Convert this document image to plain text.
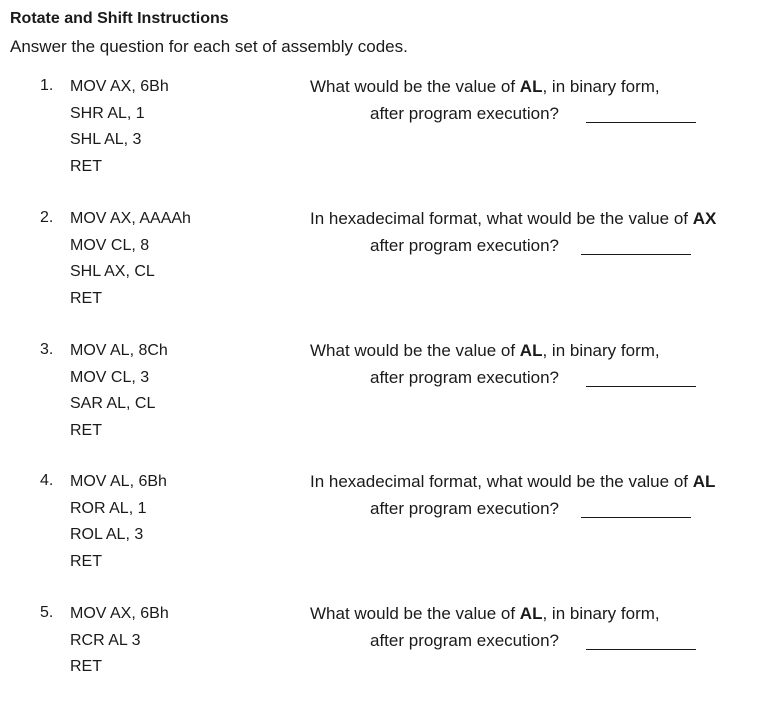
Rotate and Shift Instructions
Answer the question for each set of assembly codes.
1. MOV AX, 6Bh
SHR AL, 1
SHL AL, 3
RET
What would be the value of AL, in binary form,
after program execution?
2. MOV AX, AAAAh
MOV CL, 8
SHL AX, CL
RET
In hexadecimal format, what would be the value of AX
after program execution?
3. MOV AL, 8Ch
MOV CL, 3
SAR AL, CL
RET
What would be the value of AL, in binary form,
after program execution?
4. MOV AL, 6Bh
ROR AL, 1
ROL AL, 3
RET
In hexadecimal format, what would be the value of AL
after program execution?
5. MOV AX, 6Bh
RCR AL 3
RET
What would be the value of AL, in binary form,
after program execution?
